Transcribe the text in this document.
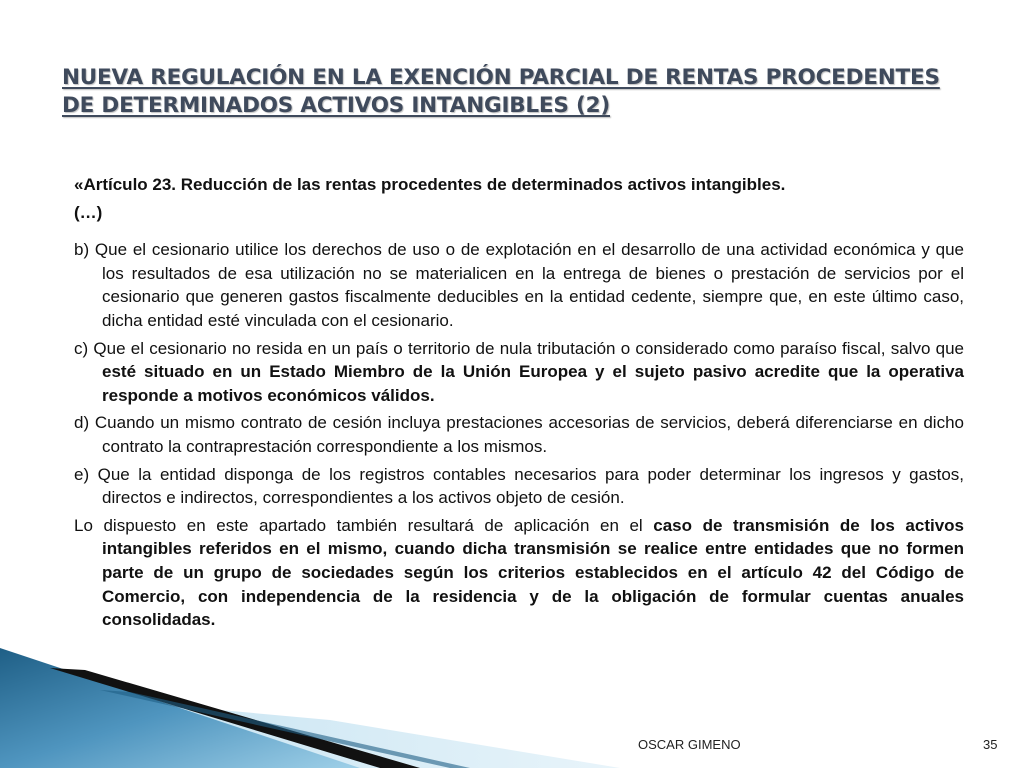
NUEVA REGULACIÓN EN LA EXENCIÓN PARCIAL DE RENTAS PROCEDENTES DE DETERMINADOS ACTIVOS INTANGIBLES (2)

«Artículo 23. Reducción de las rentas procedentes de determinados activos intangibles.

(…)

b) Que el cesionario utilice los derechos de uso o de explotación en el desarrollo de una actividad económica y que los resultados de esa utilización no se materialicen en la entrega de bienes o prestación de servicios por el cesionario que generen gastos fiscalmente deducibles en la entidad cedente, siempre que, en este último caso, dicha entidad esté vinculada con el cesionario.

c) Que el cesionario no resida en un país o territorio de nula tributación o considerado como paraíso fiscal, salvo que esté situado en un Estado Miembro de la Unión Europea y el sujeto pasivo acredite que la operativa responde a motivos económicos válidos.

d) Cuando un mismo contrato de cesión incluya prestaciones accesorias de servicios, deberá diferenciarse en dicho contrato la contraprestación correspondiente a los mismos.

e) Que la entidad disponga de los registros contables necesarios para poder determinar los ingresos y gastos, directos e indirectos, correspondientes a los activos objeto de cesión.

Lo dispuesto en este apartado también resultará de aplicación en el caso de transmisión de los activos intangibles referidos en el mismo, cuando dicha transmisión se realice entre entidades que no formen parte de un grupo de sociedades según los criterios establecidos en el artículo 42 del Código de Comercio, con independencia de la residencia y de la obligación de formular cuentas anuales consolidadas.

OSCAR GIMENO	35
